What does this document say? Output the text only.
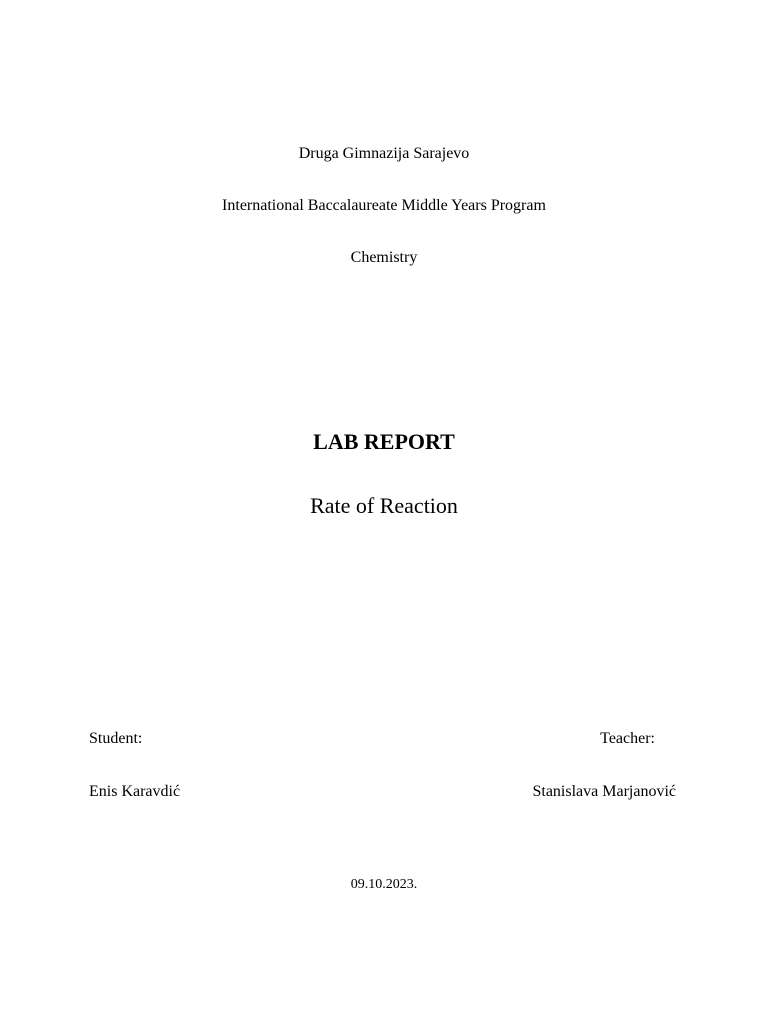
Druga Gimnazija Sarajevo
International Baccalaureate Middle Years Program
Chemistry
LAB REPORT
Rate of Reaction
Student:
Enis Karavdić
Teacher:
Stanislava Marjanović
09.10.2023.
